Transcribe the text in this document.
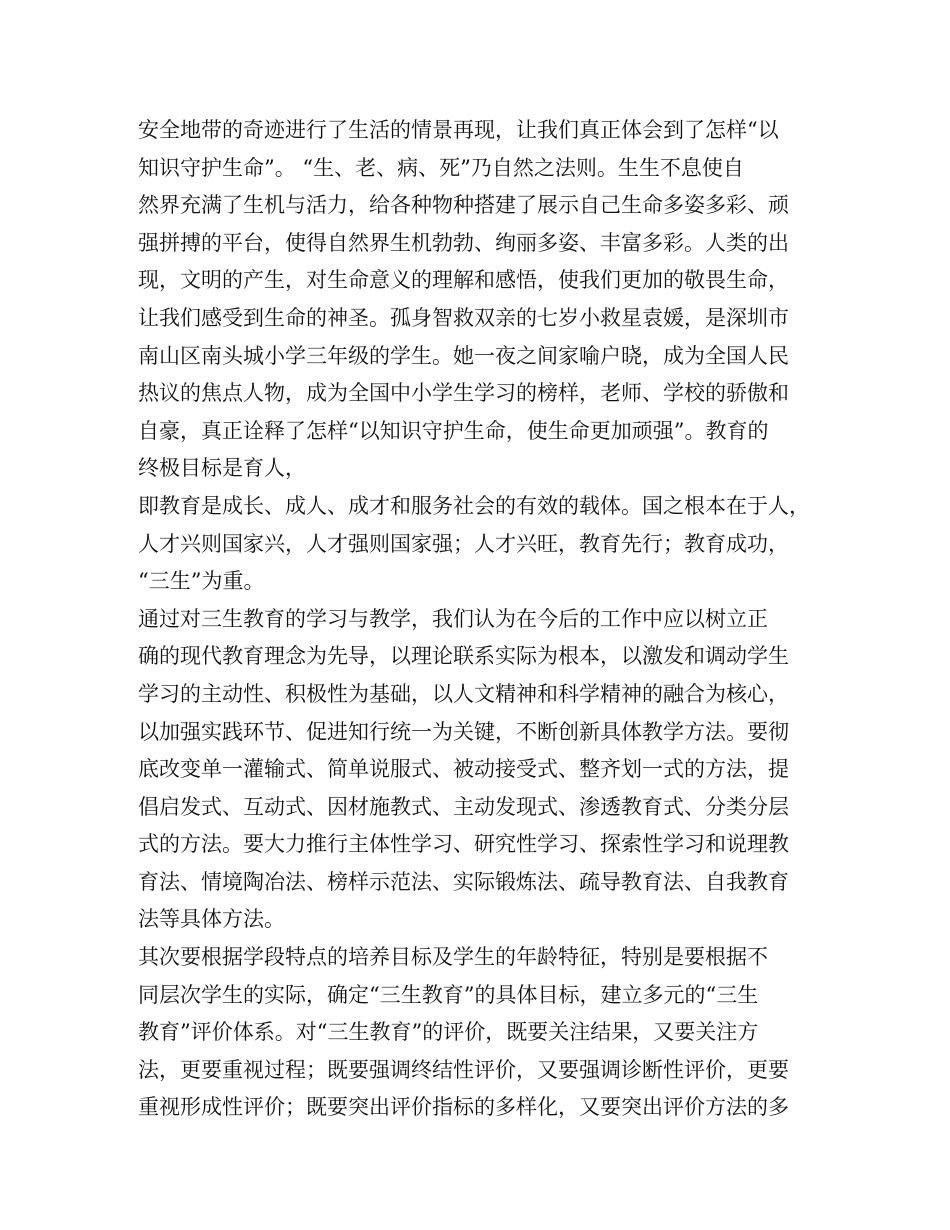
安全地带的奇迹进行了生活的情景再现，让我们真正体会到了怎样“以
知识守护生命”。 “生、老、病、死”乃自然之法则。生生不息使自
然界充满了生机与活力，给各种物种搭建了展示自己生命多姿多彩、顽
强拼搏的平台，使得自然界生机勃勃、绚丽多姿、丰富多彩。人类的出
现，文明的产生，对生命意义的理解和感悟，使我们更加的敬畏生命，
让我们感受到生命的神圣。孤身智救双亲的七岁小救星袁媛，是深圳市
南山区南头城小学三年级的学生。她一夜之间家喻户晓，成为全国人民
热议的焦点人物，成为全国中小学生学习的榜样，老师、学校的骄傲和
自豪，真正诠释了怎样“以知识守护生命，使生命更加顽强”。教育的
终极目标是育人，
即教育是成长、成人、成才和服务社会的有效的载体。国之根本在于人，
人才兴则国家兴，人才强则国家强；人才兴旺，教育先行；教育成功，
“三生”为重。
通过对三生教育的学习与教学，我们认为在今后的工作中应以树立正
确的现代教育理念为先导，以理论联系实际为根本，以激发和调动学生
学习的主动性、积极性为基础，以人文精神和科学精神的融合为核心，
以加强实践环节、促进知行统一为关键，不断创新具体教学方法。要彻
底改变单一灌输式、简单说服式、被动接受式、整齐划一式的方法，提
倡启发式、互动式、因材施教式、主动发现式、渗透教育式、分类分层
式的方法。要大力推行主体性学习、研究性学习、探索性学习和说理教
育法、情境陶冶法、榜样示范法、实际锻炼法、疏导教育法、自我教育
法等具体方法。
其次要根据学段特点的培养目标及学生的年龄特征，特别是要根据不
同层次学生的实际，确定“三生教育”的具体目标，建立多元的“三生
教育”评价体系。对“三生教育”的评价，既要关注结果，又要关注方
法，更要重视过程；既要强调终结性评价，又要强调诊断性评价，更要
重视形成性评价；既要突出评价指标的多样化，又要突出评价方法的多
